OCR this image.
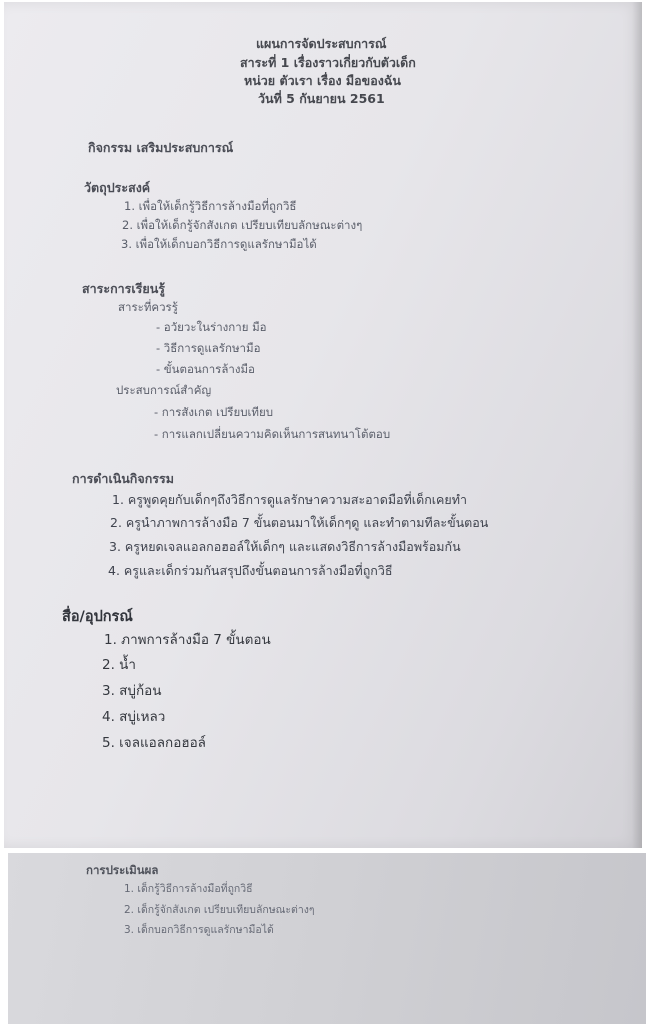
แผนการจัดประสบการณ์
สาระที่ 1 เรื่องราวเกี่ยวกับตัวเด็ก
หน่วย ตัวเรา เรื่อง มือของฉัน
วันที่ 5 กันยายน 2561
กิจกรรม เสริมประสบการณ์
วัตถุประสงค์
1. เพื่อให้เด็กรู้วิธีการล้างมือที่ถูกวิธี
2. เพื่อให้เด็กรู้จักสังเกต เปรียบเทียบลักษณะต่างๆ
3. เพื่อให้เด็กบอกวิธีการดูแลรักษามือได้
สาระการเรียนรู้
สาระที่ควรรู้
- อวัยวะในร่างกาย มือ
- วิธีการดูแลรักษามือ
- ขั้นตอนการล้างมือ
ประสบการณ์สำคัญ
- การสังเกต เปรียบเทียบ
- การแลกเปลี่ยนความคิดเห็นการสนทนาโต้ตอบ
การดำเนินกิจกรรม
1. ครูพูดคุยกับเด็กๆถึงวิธีการดูแลรักษาความสะอาดมือที่เด็กเคยทำ
2. ครูนำภาพการล้างมือ 7 ขั้นตอนมาให้เด็กๆดู และทำตามทีละขั้นตอน
3. ครูหยดเจลแอลกอฮอล์ให้เด็กๆ และแสดงวิธีการล้างมือพร้อมกัน
4. ครูและเด็กร่วมกันสรุปถึงขั้นตอนการล้างมือที่ถูกวิธี
สื่อ/อุปกรณ์
1. ภาพการล้างมือ 7 ขั้นตอน
2. น้ำ
3. สบู่ก้อน
4. สบู่เหลว
5. เจลแอลกอฮอล์
การประเมินผล
1. เด็กรู้วิธีการล้างมือที่ถูกวิธี
2. เด็กรู้จักสังเกต เปรียบเทียบลักษณะต่างๆ
3. เด็กบอกวิธีการดูแลรักษามือได้
